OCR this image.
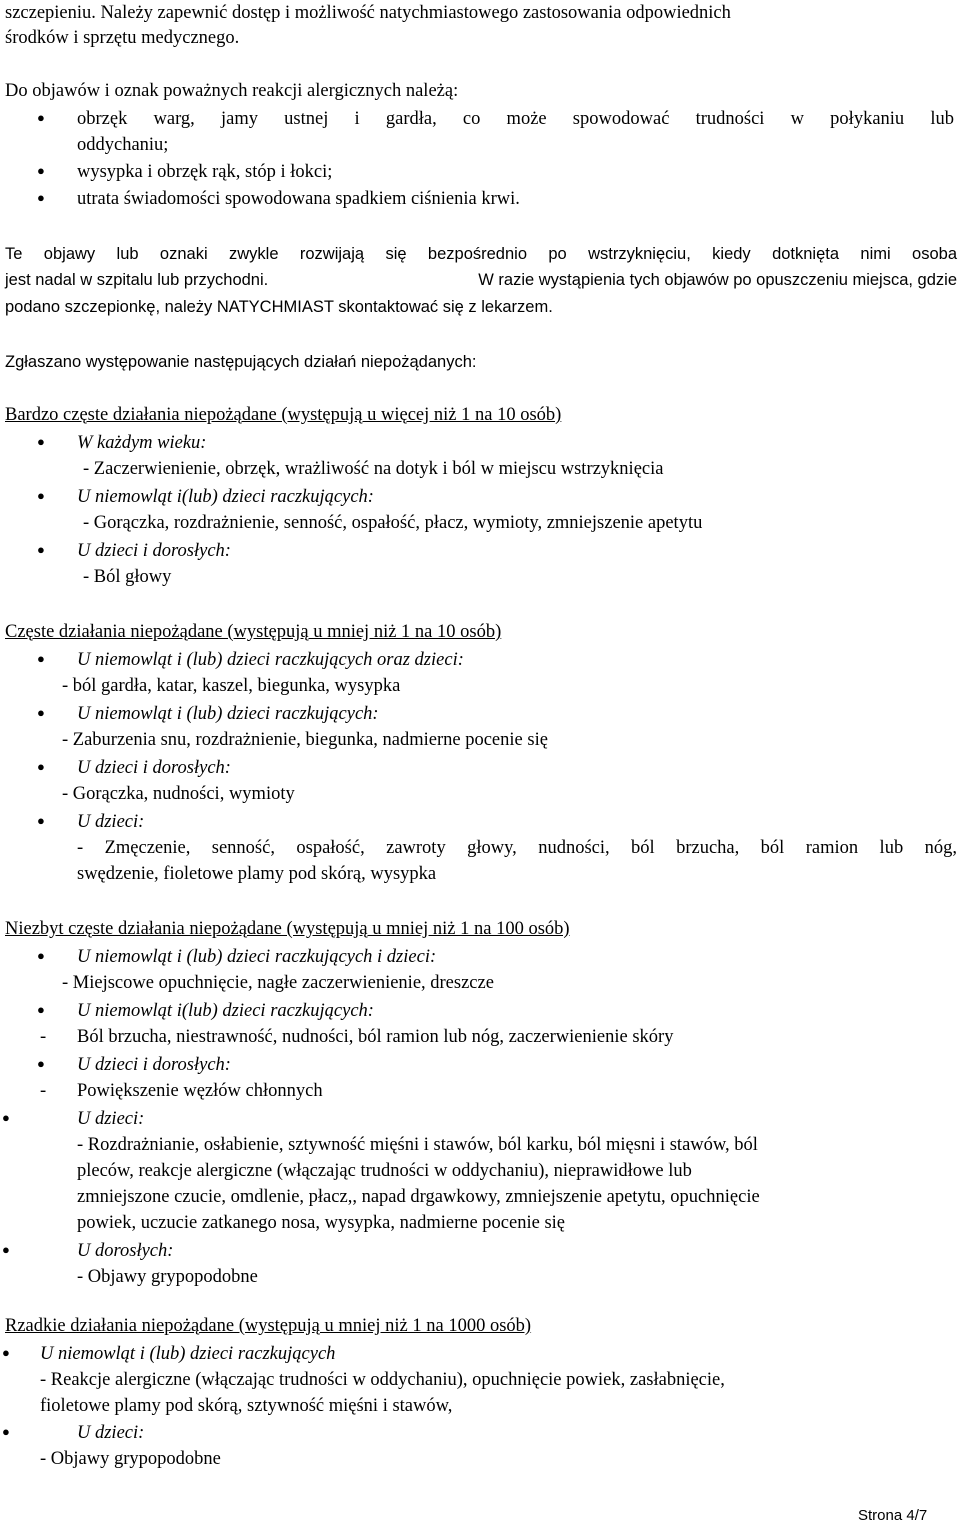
szczepieniu. Należy zapewnić dostęp i możliwość natychmiastowego zastosowania odpowiednich
środków i sprzętu medycznego.
Do objawów i oznak poważnych reakcji alergicznych należą:
● obrzęk warg, jamy ustnej i gardła, co może spowodować trudności w połykaniu lub
oddychaniu;
● wysypka i obrzęk rąk, stóp i łokci;
● utrata świadomości spowodowana spadkiem ciśnienia krwi.
Te objawy lub oznaki zwykle rozwijają się bezpośrednio po wstrzyknięciu, kiedy dotknięta nimi osoba
jest nadal w szpitalu lub przychodni.	W razie wystąpienia tych objawów po opuszczeniu miejsca, gdzie
podano szczepionkę, należy NATYCHMIAST skontaktować się z lekarzem.
Zgłaszano występowanie następujących działań niepożądanych:
Bardzo częste działania niepożądane (występują u więcej niż 1 na 10 osób)
● W każdym wieku:
- Zaczerwienienie, obrzęk, wrażliwość na dotyk i ból w miejscu wstrzyknięcia
● U niemowląt i(lub) dzieci raczkujących:
- Gorączka, rozdrażnienie, senność, ospałość, płacz, wymioty, zmniejszenie apetytu
● U dzieci i dorosłych:
- Ból głowy
Częste działania niepożądane (występują u mniej niż 1 na 10 osób)
● U niemowląt i (lub) dzieci raczkujących oraz dzieci:
- ból gardła, katar, kaszel, biegunka, wysypka
● U niemowląt i (lub) dzieci raczkujących:
- Zaburzenia snu, rozdrażnienie, biegunka, nadmierne pocenie się
● U dzieci i dorosłych:
- Gorączka, nudności, wymioty
● U dzieci:
- Zmęczenie, senność, ospałość, zawroty głowy, nudności, ból brzucha, ból ramion lub nóg,
swędzenie, fioletowe plamy pod skórą, wysypka
Niezbyt częste działania niepożądane (występują u mniej niż 1 na 100 osób)
● U niemowląt i (lub) dzieci raczkujących i dzieci:
- Miejscowe opuchnięcie, nagłe zaczerwienienie, dreszcze
● U niemowląt i(lub) dzieci raczkujących:
- Ból brzucha, niestrawność, nudności, ból ramion lub nóg, zaczerwienienie skóry
● U dzieci i dorosłych:
- Powiększenie węzłów chłonnych
●	U dzieci:
- Rozdrażnianie, osłabienie, sztywność mięśni i stawów, ból karku, ból mięsni i stawów, ból
pleców, reakcje alergiczne (włączając trudności w oddychaniu), nieprawidłowe lub
zmniejszone czucie, omdlenie, płacz,, napad drgawkowy, zmniejszenie apetytu, opuchnięcie
powiek, uczucie zatkanego nosa, wysypka, nadmierne pocenie się
●	U dorosłych:
- Objawy grypopodobne
Rzadkie działania niepożądane (występują u mniej niż 1 na 1000 osób)
● U niemowląt i (lub) dzieci raczkujących
- Reakcje alergiczne (włączając trudności w oddychaniu), opuchnięcie powiek, zasłabnięcie,
fioletowe plamy pod skórą, sztywność mięśni i stawów,
●	U dzieci:
- Objawy grypopodobne
Strona 4/7
